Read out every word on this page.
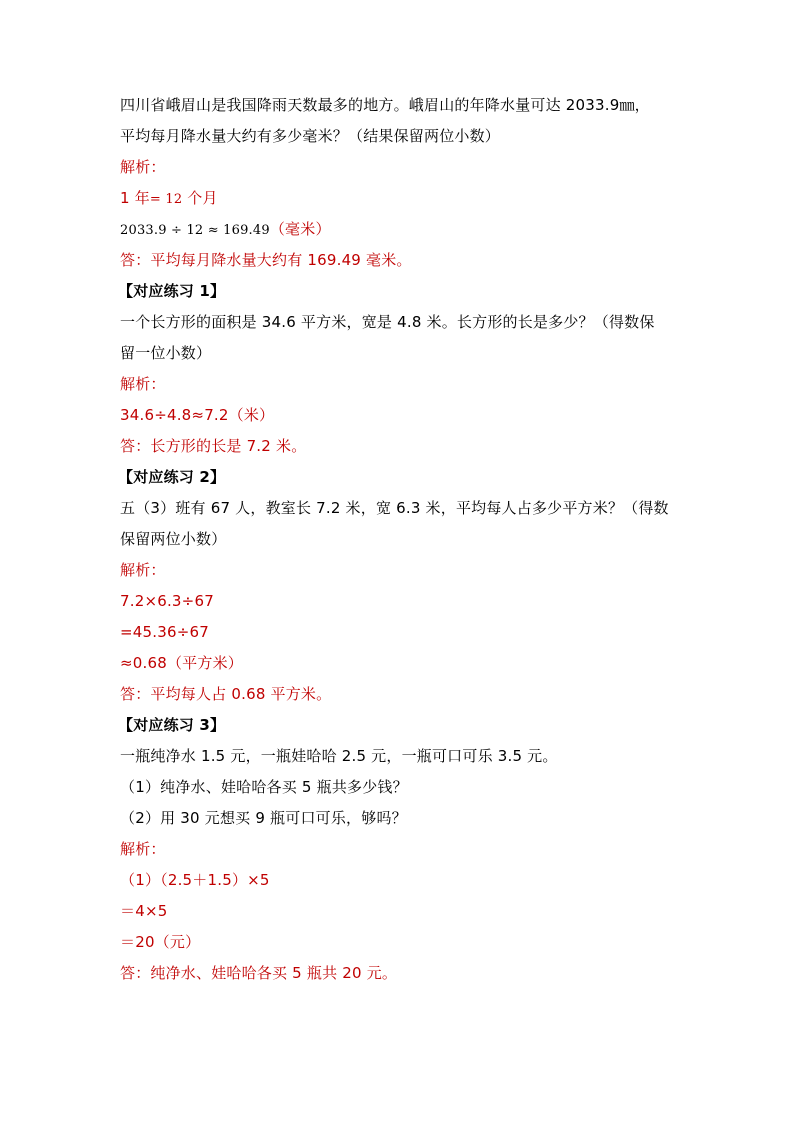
四川省峨眉山是我国降雨天数最多的地方。峨眉山的年降水量可达 2033.9㎜，
平均每月降水量大约有多少毫米？（结果保留两位小数）
解析：
1 年= 12 个月
2033.9 ÷ 12 ≈ 169.49（毫米）
答：平均每月降水量大约有 169.49 毫米。
【对应练习 1】
一个长方形的面积是 34.6 平方米，宽是 4.8 米。长方形的长是多少？（得数保
留一位小数）
解析：
34.6÷4.8≈7.2（米）
答：长方形的长是 7.2 米。
【对应练习 2】
五（3）班有 67 人，教室长 7.2 米，宽 6.3 米，平均每人占多少平方米？（得数
保留两位小数）
解析：
7.2×6.3÷67
=45.36÷67
≈0.68（平方米）
答：平均每人占 0.68 平方米。
【对应练习 3】
一瓶纯净水 1.5 元，一瓶娃哈哈 2.5 元，一瓶可口可乐 3.5 元。
（1）纯净水、娃哈哈各买 5 瓶共多少钱？
（2）用 30 元想买 9 瓶可口可乐，够吗？
解析：
（1）（2.5＋1.5）×5
＝4×5
＝20（元）
答：纯净水、娃哈哈各买 5 瓶共 20 元。
